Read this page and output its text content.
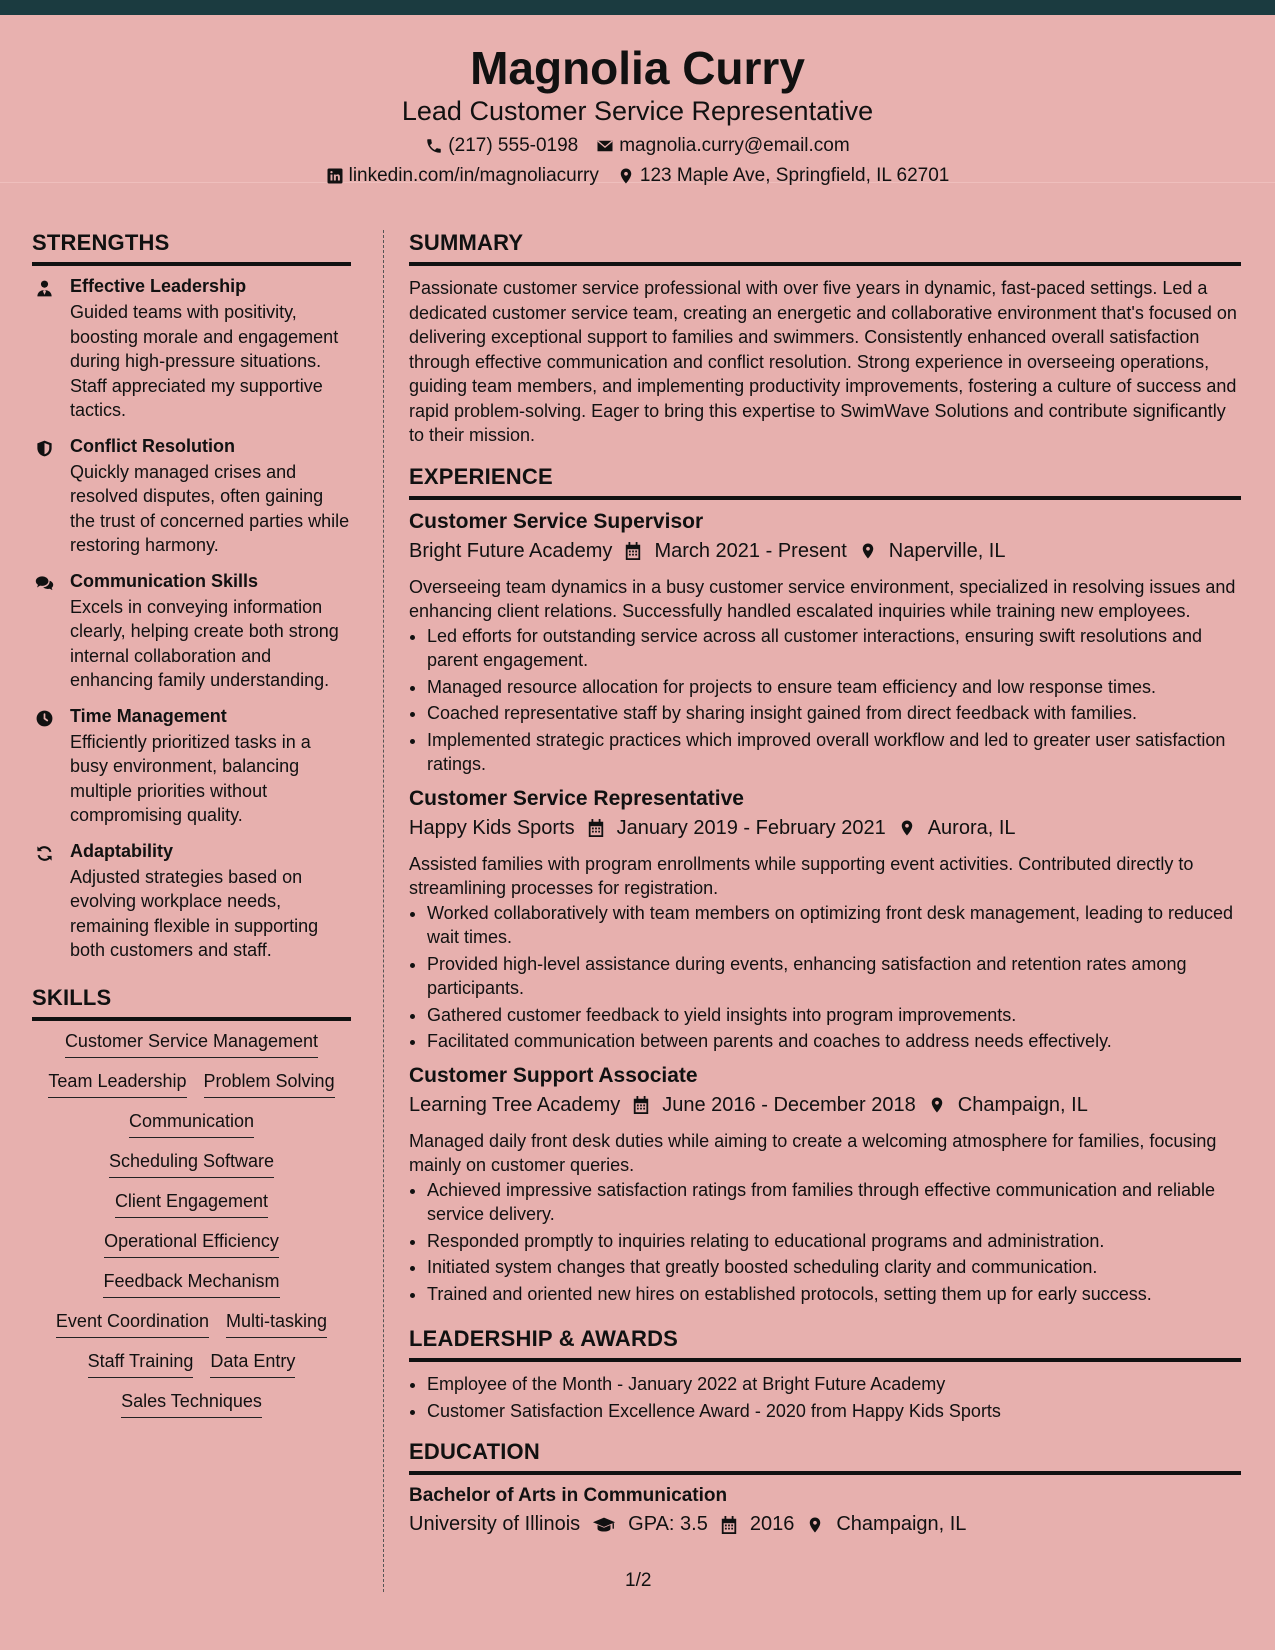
Magnolia Curry
Lead Customer Service Representative
(217) 555-0198 magnolia.curry@email.com
linkedin.com/in/magnoliacurry 123 Maple Ave, Springfield, IL 62701
STRENGTHS
Effective Leadership
Guided teams with positivity, boosting morale and engagement during high-pressure situations. Staff appreciated my supportive tactics.
Conflict Resolution
Quickly managed crises and resolved disputes, often gaining the trust of concerned parties while restoring harmony.
Communication Skills
Excels in conveying information clearly, helping create both strong internal collaboration and enhancing family understanding.
Time Management
Efficiently prioritized tasks in a busy environment, balancing multiple priorities without compromising quality.
Adaptability
Adjusted strategies based on evolving workplace needs, remaining flexible in supporting both customers and staff.
SKILLS
Customer Service Management
Team Leadership Problem Solving
Communication
Scheduling Software
Client Engagement
Operational Efficiency
Feedback Mechanism
Event Coordination Multi-tasking
Staff Training Data Entry
Sales Techniques
SUMMARY
Passionate customer service professional with over five years in dynamic, fast-paced settings. Led a dedicated customer service team, creating an energetic and collaborative environment that's focused on delivering exceptional support to families and swimmers. Consistently enhanced overall satisfaction through effective communication and conflict resolution. Strong experience in overseeing operations, guiding team members, and implementing productivity improvements, fostering a culture of success and rapid problem-solving. Eager to bring this expertise to SwimWave Solutions and contribute significantly to their mission.
EXPERIENCE
Customer Service Supervisor
Bright Future Academy March 2021 - Present Naperville, IL
Overseeing team dynamics in a busy customer service environment, specialized in resolving issues and enhancing client relations. Successfully handled escalated inquiries while training new employees.
• Led efforts for outstanding service across all customer interactions, ensuring swift resolutions and parent engagement.
• Managed resource allocation for projects to ensure team efficiency and low response times.
• Coached representative staff by sharing insight gained from direct feedback with families.
• Implemented strategic practices which improved overall workflow and led to greater user satisfaction ratings.
Customer Service Representative
Happy Kids Sports January 2019 - February 2021 Aurora, IL
Assisted families with program enrollments while supporting event activities. Contributed directly to streamlining processes for registration.
• Worked collaboratively with team members on optimizing front desk management, leading to reduced wait times.
• Provided high-level assistance during events, enhancing satisfaction and retention rates among participants.
• Gathered customer feedback to yield insights into program improvements.
• Facilitated communication between parents and coaches to address needs effectively.
Customer Support Associate
Learning Tree Academy June 2016 - December 2018 Champaign, IL
Managed daily front desk duties while aiming to create a welcoming atmosphere for families, focusing mainly on customer queries.
• Achieved impressive satisfaction ratings from families through effective communication and reliable service delivery.
• Responded promptly to inquiries relating to educational programs and administration.
• Initiated system changes that greatly boosted scheduling clarity and communication.
• Trained and oriented new hires on established protocols, setting them up for early success.
LEADERSHIP & AWARDS
• Employee of the Month - January 2022 at Bright Future Academy
• Customer Satisfaction Excellence Award - 2020 from Happy Kids Sports
EDUCATION
Bachelor of Arts in Communication
University of Illinois GPA: 3.5 2016 Champaign, IL
1/2
